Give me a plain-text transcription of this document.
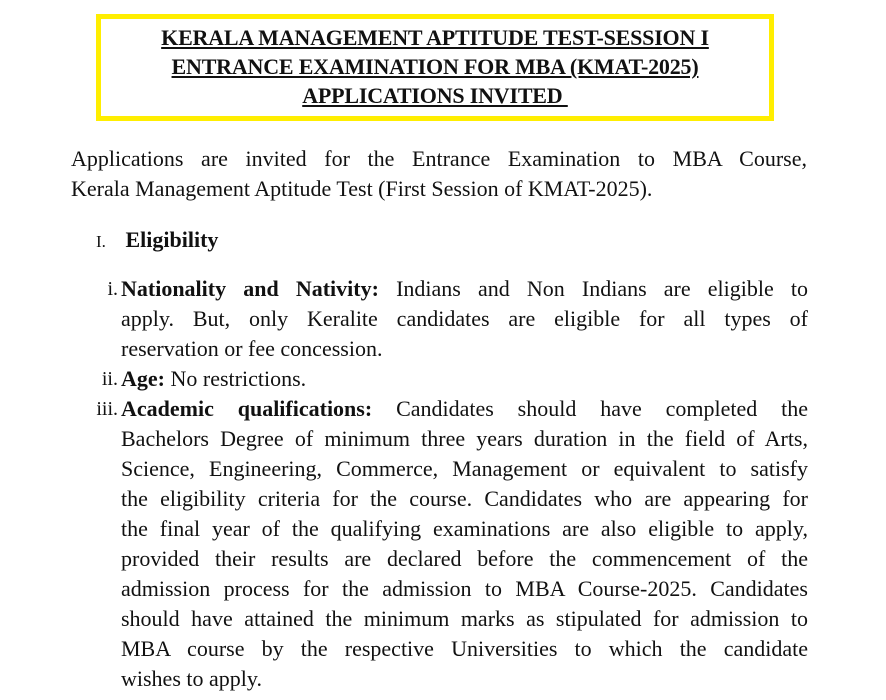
KERALA MANAGEMENT APTITUDE TEST-SESSION I
ENTRANCE EXAMINATION FOR MBA (KMAT-2025)
APPLICATIONS INVITED
Applications are invited for the Entrance Examination to MBA Course,
Kerala Management Aptitude Test (First Session of KMAT-2025).
I. Eligibility
i. Nationality and Nativity: Indians and Non Indians are eligible to
apply. But, only Keralite candidates are eligible for all types of
reservation or fee concession.
ii. Age: No restrictions.
iii. Academic qualifications: Candidates should have completed the
Bachelors Degree of minimum three years duration in the field of Arts,
Science, Engineering, Commerce, Management or equivalent to satisfy
the eligibility criteria for the course. Candidates who are appearing for
the final year of the qualifying examinations are also eligible to apply,
provided their results are declared before the commencement of the
admission process for the admission to MBA Course-2025. Candidates
should have attained the minimum marks as stipulated for admission to
MBA course by the respective Universities to which the candidate
wishes to apply.
